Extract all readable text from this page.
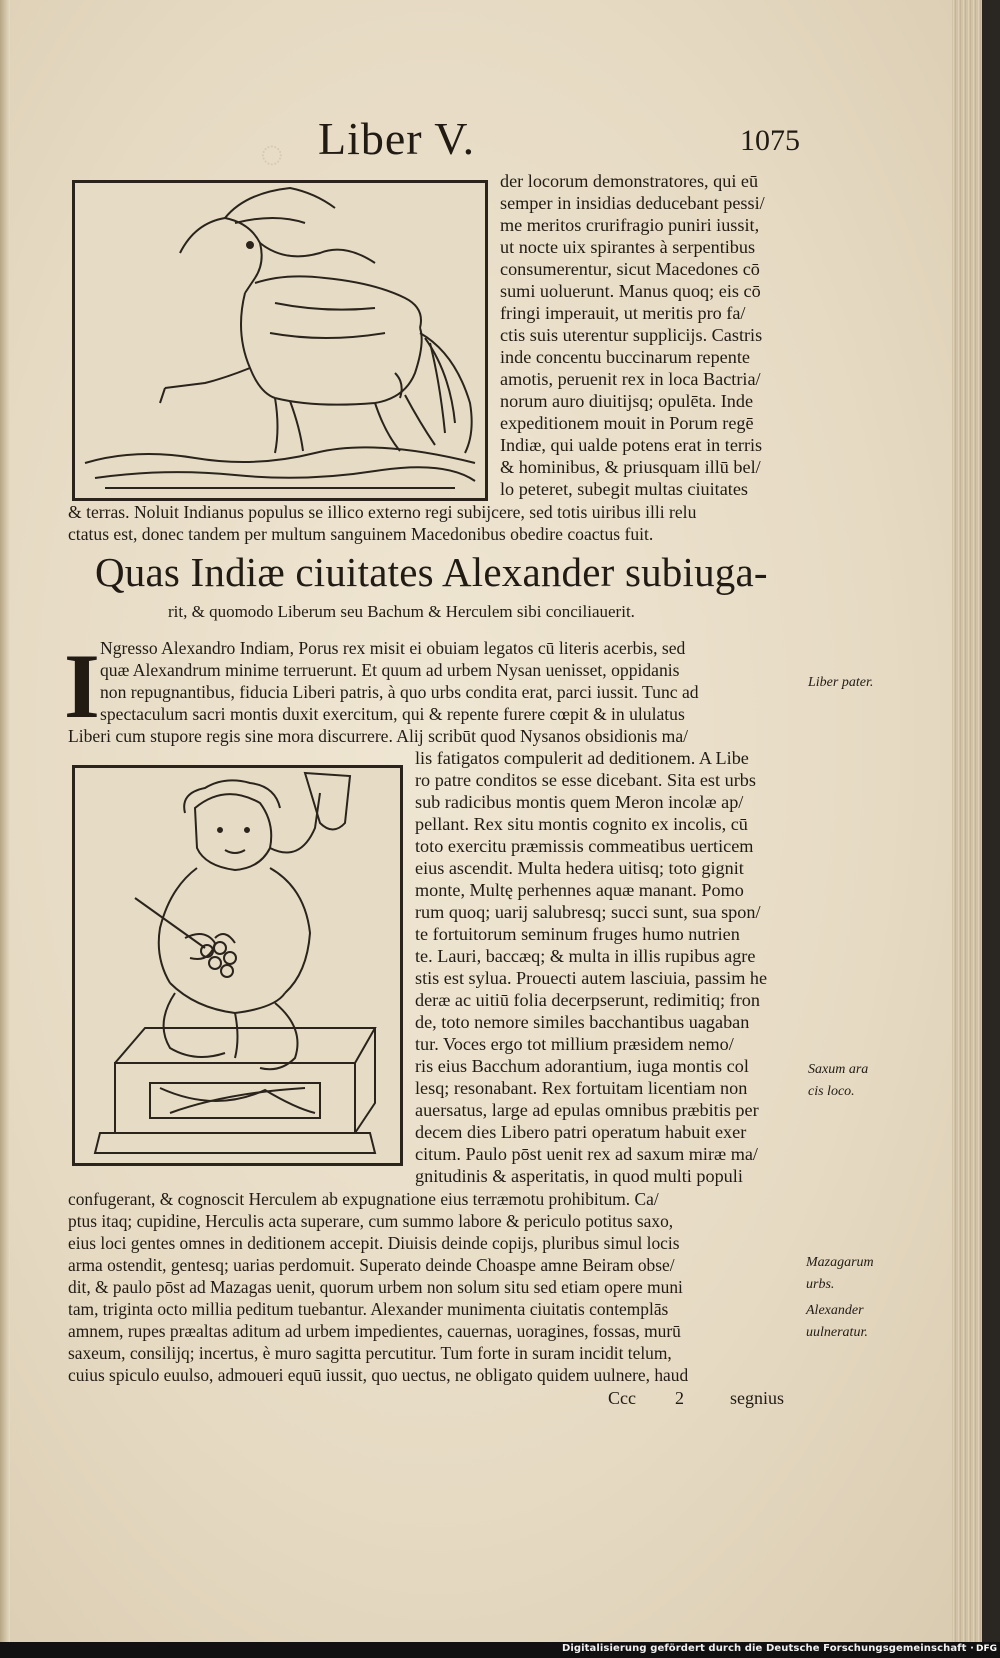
◌ Liber V.	1075
der locorum demonstratores, qui eū
semper in insidias deducebant pessi/
me meritos crurifragio puniri iussit,
ut nocte uix spirantes à serpentibus
consumerentur, sicut Macedones cō
sumi uoluerunt. Manus quoq; eis cō
fringi imperauit, ut meritis pro fa/
ctis suis uterentur supplicijs. Castris
inde concentu buccinarum repente
amotis, peruenit rex in loca Bactria/
norum auro diuitijsq; opulēta. Inde
expeditionem mouit in Porum regē
Indiæ, qui ualde potens erat in terris
& hominibus, & priusquam illū bel/
lo peteret, subegit multas ciuitates
& terras. Noluit Indianus populus se illico externo regi subijcere, sed totis uiribus illi relu
ctatus est, donec tandem per multum sanguinem Macedonibus obedire coactus fuit.
Quas Indiæ ciuitates Alexander subiuga-
rit, & quomodo Liberum seu Bachum & Herculem sibi conciliauerit.
I Ngresso Alexandro Indiam, Porus rex misit ei obuiam legatos cū literis acerbis, sed
quæ Alexandrum minime terruerunt. Et quum ad urbem Nysan uenisset, oppidanis
non repugnantibus, fiducia Liberi patris, à quo urbs condita erat, parci iussit. Tunc ad
spectaculum sacri montis duxit exercitum, qui & repente furere cœpit & in ululatus
Liberi cum stupore regis sine mora discurrere. Alij scribūt quod Nysanos obsidionis ma/
lis fatigatos compulerit ad deditionem. A Libe
ro patre conditos se esse dicebant. Sita est urbs
sub radicibus montis quem Meron incolæ ap/
pellant. Rex situ montis cognito ex incolis, cū
toto exercitu præmissis commeatibus uerticem
eius ascendit. Multa hedera uitisq; toto gignit
monte, Multę perhennes aquæ manant. Pomo
rum quoq; uarij salubresq; succi sunt, sua spon/
te fortuitorum seminum fruges humo nutrien
te. Lauri, baccæq; & multa in illis rupibus agre
stis est sylua. Prouecti autem lasciuia, passim he
deræ ac uitiū folia decerpserunt, redimitiq; fron
de, toto nemore similes bacchantibus uagaban
tur. Voces ergo tot millium præsidem nemo/
ris eius Bacchum adorantium, iuga montis col
lesq; resonabant. Rex fortuitam licentiam non
auersatus, large ad epulas omnibus præbitis per
decem dies Libero patri operatum habuit exer
citum. Paulo pōst uenit rex ad saxum miræ ma/
gnitudinis & asperitatis, in quod multi populi
confugerant, & cognoscit Herculem ab expugnatione eius terræmotu prohibitum. Ca/
ptus itaq; cupidine, Herculis acta superare, cum summo labore & periculo potitus saxo,
eius loci gentes omnes in deditionem accepit. Diuisis deinde copijs, pluribus simul locis
arma ostendit, gentesq; uarias perdomuit. Superato deinde Choaspe amne Beiram obse/
dit, & paulo pōst ad Mazagas uenit, quorum urbem non solum situ sed etiam opere muni
tam, triginta octo millia peditum tuebantur. Alexander munimenta ciuitatis contemplās
amnem, rupes præaltas aditum ad urbem impedientes, cauernas, uoragines, fossas, murū
saxeum, consilijq; incertus, è muro sagitta percutitur. Tum forte in suram incidit telum,
cuius spiculo euulso, admoueri equū iussit, quo uectus, ne obligato quidem uulnere, haud
Ccc 2	segnius
Liber pater.
Saxum ara
cis loco.
Mazagarum
urbs.
Alexander
uulneratur.
Digitalisierung gefördert durch die Deutsche Forschungsgemeinschaft · DFG
